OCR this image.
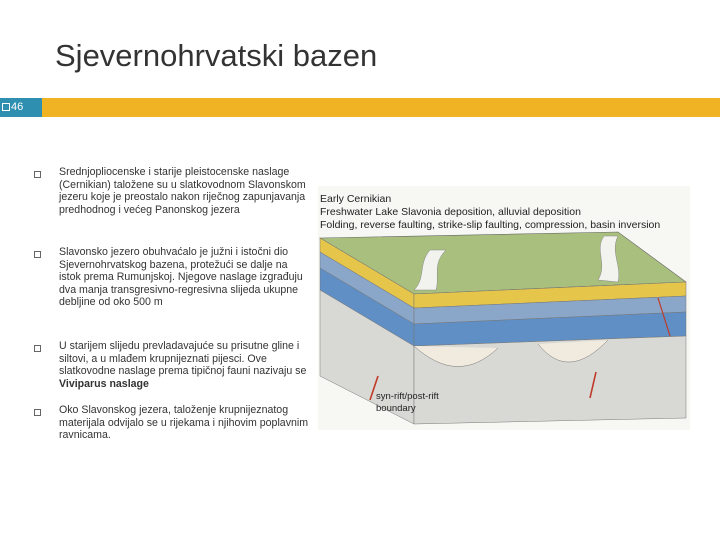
Sjevernohrvatski bazen
46
Srednjopliocenske i starije pleistocenske naslage (Cernikian) taložene su u slatkovodnom Slavonskom jezeru koje je preostalo nakon riječnog zapunjavanja predhodnog i većeg Panonskog jezera
Slavonsko jezero obuhvaćalo je južni i istočni dio Sjevernohrvatskog bazena, protežući se dalje na istok prema Rumunjskoj. Njegove naslage izgrađuju dva manja transgresivno-regresivna slijeda ukupne debljine od oko 500 m
U starijem slijedu prevladavajuće su prisutne gline i siltovi, a u mlađem krupnijeznati pijesci. Ove slatkovodne naslage prema tipičnoj fauni nazivaju se Viviparus naslage
Oko Slavonskog jezera, taloženje krupnijeznatog materijala odvijalo se u rijekama i njihovim poplavnim ravnicama.
Early Cernikian
Freshwater Lake Slavonia deposition, alluvial deposition
Folding, reverse faulting, strike-slip faulting, compression, basin inversion
syn-rift/post-rift
boundary
